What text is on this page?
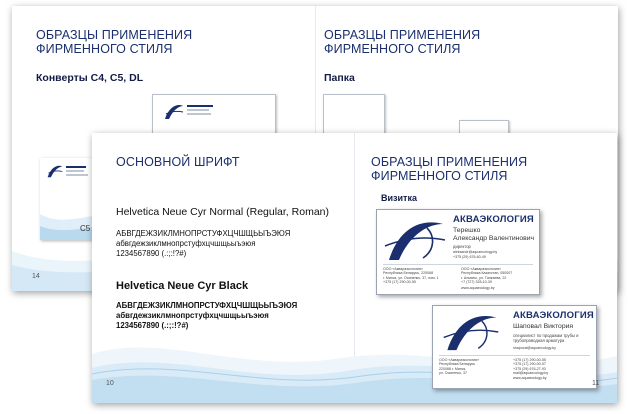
ОБРАЗЦЫ ПРИМЕНЕНИЯ
ФИРМЕННОГО СТИЛЯ
Конверты С4, С5, DL
ОБРАЗЦЫ ПРИМЕНЕНИЯ
ФИРМЕННОГО СТИЛЯ
Папка
C5
14
ОСНОВНОЙ ШРИФТ
Helvetica Neue Cyr Normal (Regular, Roman)
АБВГДЕЖЗИКЛМНОПРСТУФХЦЧШЩЬЫЪЭЮЯ
абвгдежзиклмнопрстуфхцчшщьыъэюя
1234567890 (.:;:!?#)
Helvetica Neue Cyr Black
АБВГДЕЖЗИКЛМНОПРСТУФХЦЧШЩЬЫЪЭЮЯ
абвгдежзиклмнопрстуфхцчшщьыъэюя
1234567890 (.:;:!?#)
10
ОБРАЗЦЫ ПРИМЕНЕНИЯ
ФИРМЕННОГО СТИЛЯ
Визитка
АКВАЭКОЛОГИЯ
Терешко
Александр Валентинович
директор
aleksandr@aquaecology.by
+375 (29) 676-60-49
ООО «Аквараэкология»
Республика Беларусь, 220068
г. Минск, ул. Осипенко, 37, пом. 1
+375 (17) 290-00-55
ООО «Аквараэкология»
Республика Казахстан, 050007
г. Алматы, ул. Танкаева, 22
+7 (727) 328-10-39
www.aquaecology.by
АКВАЭКОЛОГИЯ
Шаповал Виктория
специалист по продажам трубы и трубопроводная арматура
shapoval@aquaecology.by
ООО «Аквараэкология»
Республика Беларусь
220068 г. Минск,
ул. Осипенко, 37
+375 (17) 290-00-55
+375 (17) 290-00-57
+375 (29) 676-27-93
mail@aquaecology.by
www.aquaecology.by
11
